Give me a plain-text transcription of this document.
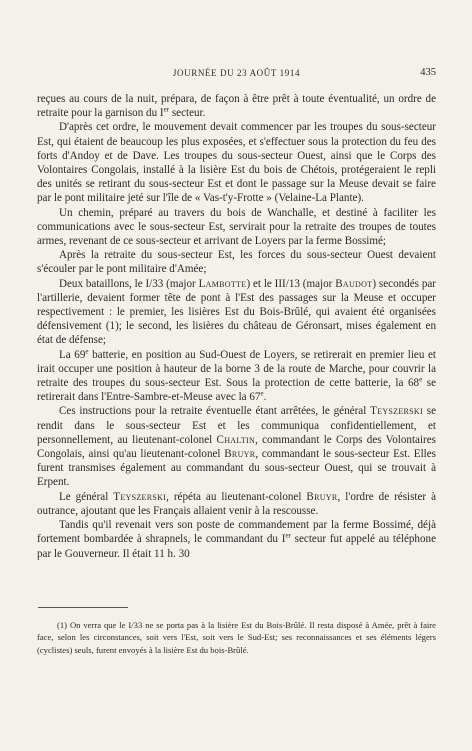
JOURNÉE DU 23 AOÛT 1914	435

reçues au cours de la nuit, prépara, de façon à être prêt à toute éventualité, un ordre de retraite pour la garnison du Ier secteur.

D'après cet ordre, le mouvement devait commencer par les troupes du sous-secteur Est, qui étaient de beaucoup les plus exposées, et s'effectuer sous la protection du feu des forts d'Andoy et de Dave. Les troupes du sous-secteur Ouest, ainsi que le Corps des Volontaires Congolais, installé à la lisière Est du bois de Chétois, protégeraient le repli des unités se retirant du sous-secteur Est et dont le passage sur la Meuse devait se faire par le pont militaire jeté sur l'île de « Vas-t'y-Frotte » (Velaine-La Plante).

Un chemin, préparé au travers du bois de Wanchalle, et destiné à faciliter les communications avec le sous-secteur Est, servirait pour la retraite des troupes de toutes armes, revenant de ce sous-secteur et arrivant de Loyers par la ferme Bossimé;

Après la retraite du sous-secteur Est, les forces du sous-secteur Ouest devaient s'écouler par le pont militaire d'Amée;

Deux bataillons, le I/33 (major Lambotte) et le III/13 (major Baudot) secondés par l'artillerie, devaient former tête de pont à l'Est des passages sur la Meuse et occuper respectivement : le premier, les lisières Est du Bois-Brûlé, qui avaient été organisées défensivement (1); le second, les lisières du château de Géronsart, mises également en état de défense;

La 69e batterie, en position au Sud-Ouest de Loyers, se retirerait en premier lieu et irait occuper une position à hauteur de la borne 3 de la route de Marche, pour couvrir la retraite des troupes du sous-secteur Est. Sous la protection de cette batterie, la 68e se retirerait dans l'Entre-Sambre-et-Meuse avec la 67e.

Ces instructions pour la retraite éventuelle étant arrêtées, le général Teyszerski se rendit dans le sous-secteur Est et les communiqua confidentiellement, et personnellement, au lieutenant-colonel Chaltin, commandant le Corps des Volontaires Congolais, ainsi qu'au lieutenant-colonel Bruyr, commandant le sous-secteur Est. Elles furent transmises également au commandant du sous-secteur Ouest, qui se trouvait à Erpent.

Le général Teyszerski, répéta au lieutenant-colonel Bruyr, l'ordre de résister à outrance, ajoutant que les Français allaient venir à la rescousse.

Tandis qu'il revenait vers son poste de commandement par la ferme Bossimé, déjà fortement bombardée à shrapnels, le commandant du Ier secteur fut appelé au téléphone par le Gouverneur. Il était 11 h. 30

(1) On verra que le I/33 ne se porta pas à la lisière Est du Bois-Brûlé. Il resta disposé à Amée, prêt à faire face, selon les circonstances, soit vers l'Est, soit vers le Sud-Est; ses reconnaissances et ses éléments légers (cyclistes) seuls, furent envoyés à la lisière Est du bois-Brûlé.
